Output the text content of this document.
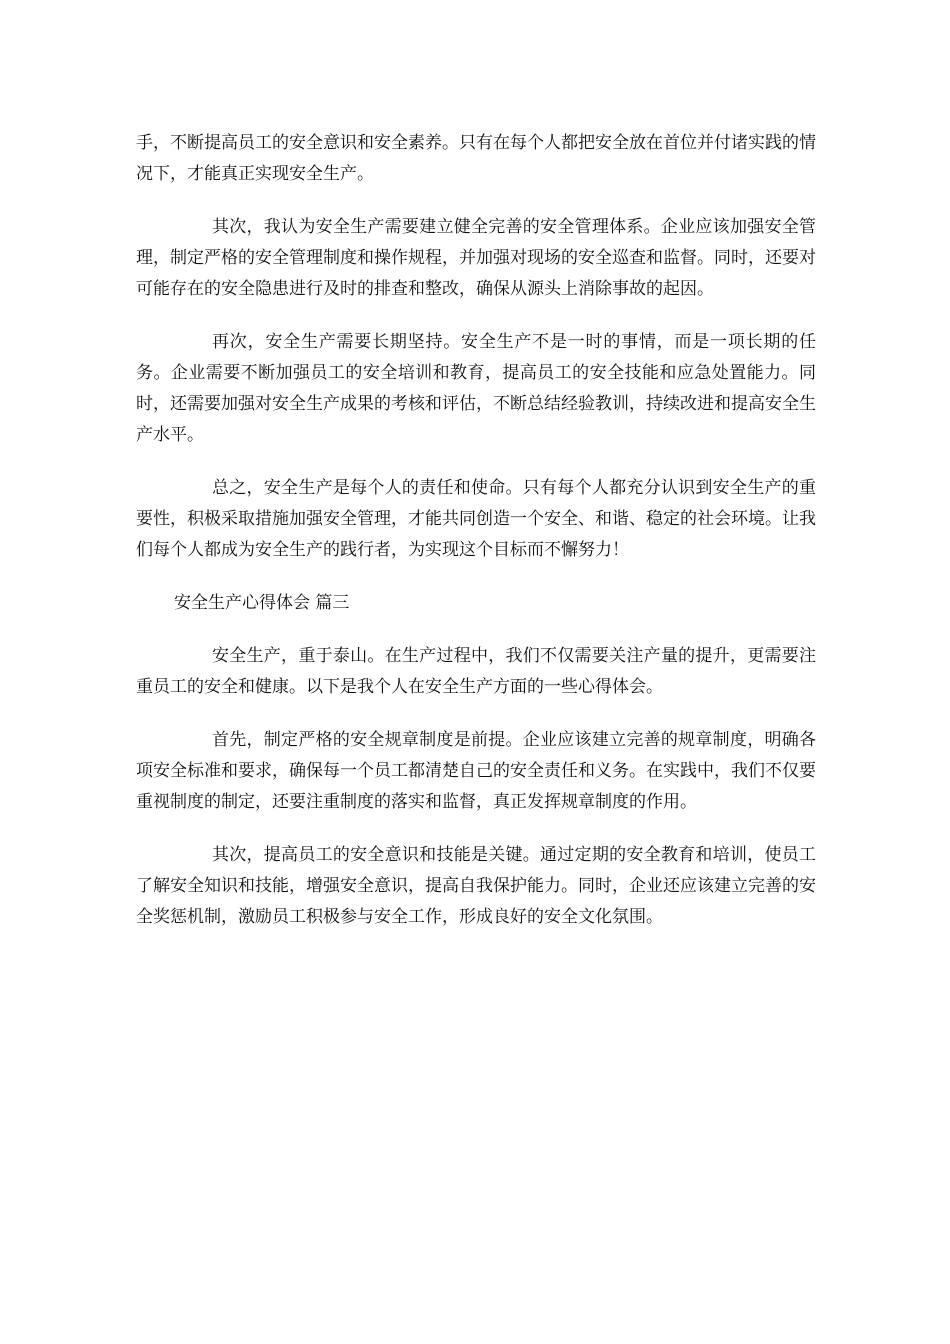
手，不断提高员工的安全意识和安全素养。只有在每个人都把安全放在首位并付诸实践的情况下，才能真正实现安全生产。

其次，我认为安全生产需要建立健全完善的安全管理体系。企业应该加强安全管理，制定严格的安全管理制度和操作规程，并加强对现场的安全巡查和监督。同时，还要对可能存在的安全隐患进行及时的排查和整改，确保从源头上消除事故的起因。

再次，安全生产需要长期坚持。安全生产不是一时的事情，而是一项长期的任务。企业需要不断加强员工的安全培训和教育，提高员工的安全技能和应急处置能力。同时，还需要加强对安全生产成果的考核和评估，不断总结经验教训，持续改进和提高安全生产水平。

总之，安全生产是每个人的责任和使命。只有每个人都充分认识到安全生产的重要性，积极采取措施加强安全管理，才能共同创造一个安全、和谐、稳定的社会环境。让我们每个人都成为安全生产的践行者，为实现这个目标而不懈努力！

安全生产心得体会 篇三

安全生产，重于泰山。在生产过程中，我们不仅需要关注产量的提升，更需要注重员工的安全和健康。以下是我个人在安全生产方面的一些心得体会。

首先，制定严格的安全规章制度是前提。企业应该建立完善的规章制度，明确各项安全标准和要求，确保每一个员工都清楚自己的安全责任和义务。在实践中，我们不仅要重视制度的制定，还要注重制度的落实和监督，真正发挥规章制度的作用。

其次，提高员工的安全意识和技能是关键。通过定期的安全教育和培训，使员工了解安全知识和技能，增强安全意识，提高自我保护能力。同时，企业还应该建立完善的安全奖惩机制，激励员工积极参与安全工作，形成良好的安全文化氛围。
